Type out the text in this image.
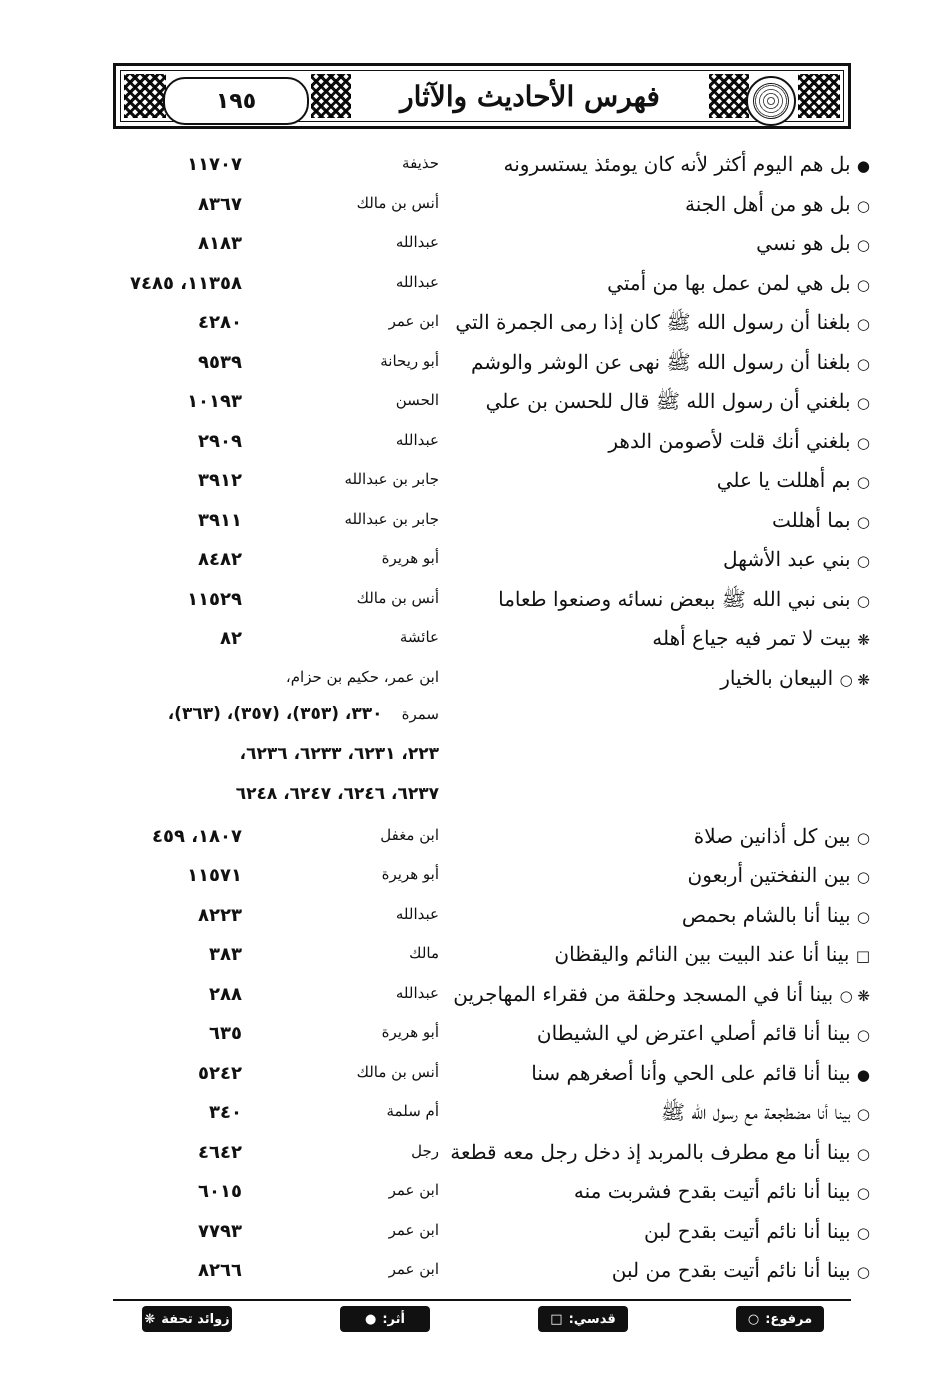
١٩٥	فهرس الأحاديث والآثار
● بل هم اليوم أكثر لأنه كان يومئذ يستسرونه
حذيفة
١١٧٠٧
○ بل هو من أهل الجنة
أنس بن مالك
٨٣٦٧
○ بل هو نسي
عبدالله
٨١٨٣
○ بل هي لمن عمل بها من أمتي
عبدالله
١١٣٥٨، ٧٤٨٥
○ بلغنا أن رسول الله ﷺ كان إذا رمى الجمرة التي
ابن عمر
٤٢٨٠
○ بلغنا أن رسول الله ﷺ نهى عن الوشر والوشم
أبو ريحانة
٩٥٣٩
○ بلغني أن رسول الله ﷺ قال للحسن بن علي
الحسن
١٠١٩٣
○ بلغني أنك قلت لأصومن الدهر
عبدالله
٢٩٠٩
○ بم أهللت يا علي
جابر بن عبدالله
٣٩١٢
○ بما أهللت
جابر بن عبدالله
٣٩١١
○ بني عبد الأشهل
أبو هريرة
٨٤٨٢
○ بنى نبي الله ﷺ ببعض نسائه وصنعوا طعاما
أنس بن مالك
١١٥٢٩
❋ بيت لا تمر فيه جياع أهله
عائشة
٨٢
❋ ○ البيعان بالخيار
ابن عمر، حكيم بن حزام،
سمرة ٣٣٠، (٣٥٣)، (٣٥٧)، (٣٦٣)،
٢٢٣، ٦٢٣١، ٦٢٣٣، ٦٢٣٦،
٦٢٣٧، ٦٢٤٦، ٦٢٤٧، ٦٢٤٨
○ بين كل أذانين صلاة
ابن مغفل
١٨٠٧، ٤٥٩
○ بين النفختين أربعون
أبو هريرة
١١٥٧١
○ بينا أنا بالشام بحمص
عبدالله
٨٢٢٣
□ بينا أنا عند البيت بين النائم واليقظان
مالك
٣٨٣
❋ ○ بينا أنا في المسجد وحلقة من فقراء المهاجرين
عبدالله
٢٨٨
○ بينا أنا قائم أصلي اعترض لي الشيطان
أبو هريرة
٦٣٥
● بينا أنا قائم على الحي وأنا أصغرهم سنا
أنس بن مالك
٥٢٤٢
○ بينا أنا مضطجعة مع رسول الله ﷺ
أم سلمة
٣٤٠
○ بينا أنا مع مطرف بالمربد إذ دخل رجل معه قطعة
رجل
٤٦٤٢
○ بينا أنا نائم أتيت بقدح فشربت منه
ابن عمر
٦٠١٥
○ بينا أنا نائم أتيت بقدح لبن
ابن عمر
٧٧٩٣
○ بينا أنا نائم أتيت بقدح من لبن
ابن عمر
٨٢٦٦
مرفوع:
○
قدسي:
□
أثر:
●
زوائد تحفة
❋
